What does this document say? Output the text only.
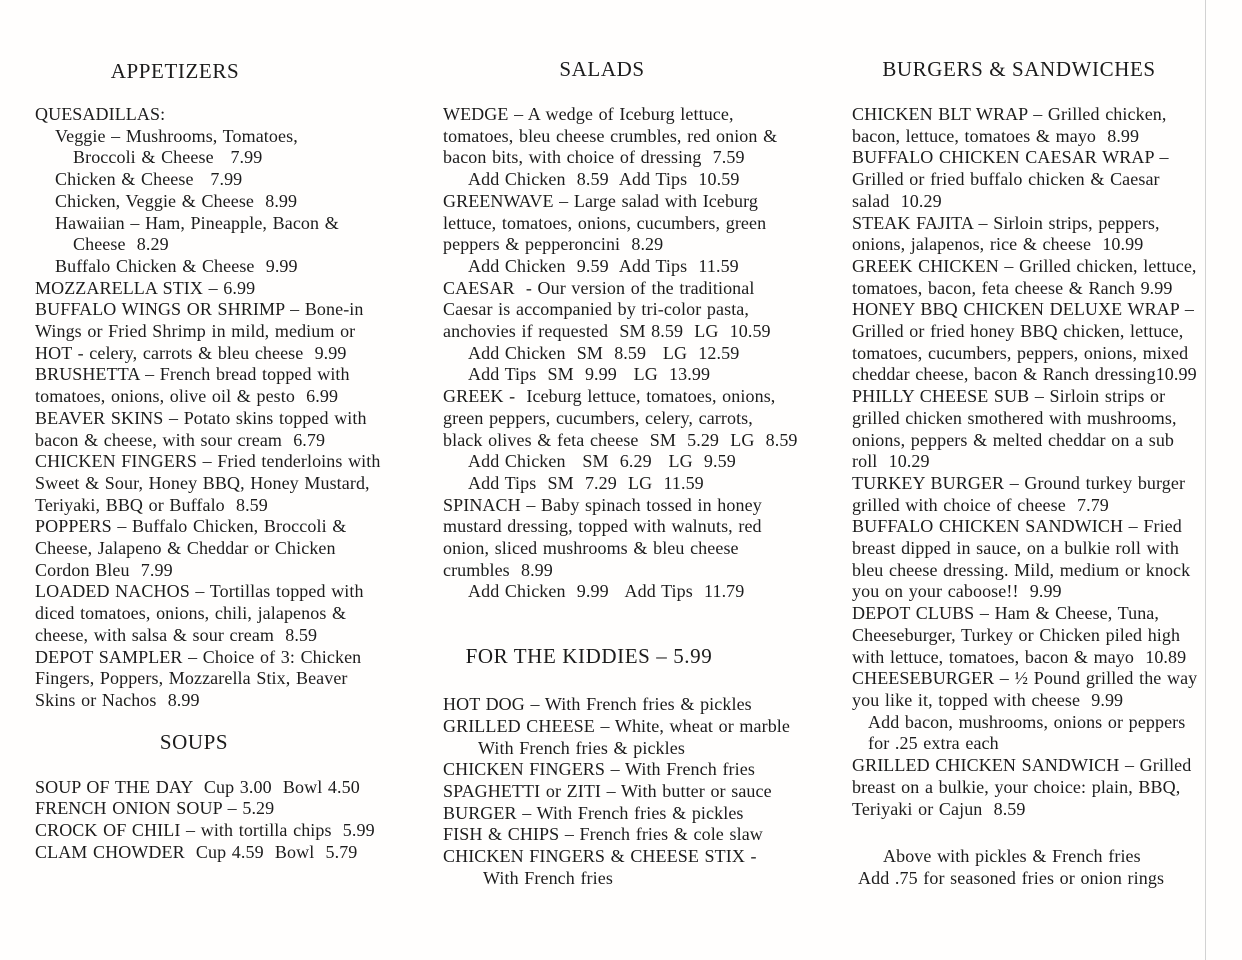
APPETIZERS
QUESADILLAS:
Veggie – Mushrooms, Tomatoes,
Broccoli & Cheese   7.99
Chicken & Cheese   7.99
Chicken, Veggie & Cheese  8.99
Hawaiian – Ham, Pineapple, Bacon &
Cheese  8.29
Buffalo Chicken & Cheese  9.99
MOZZARELLA STIX – 6.99
BUFFALO WINGS OR SHRIMP – Bone-in
Wings or Fried Shrimp in mild, medium or
HOT - celery, carrots & bleu cheese  9.99
BRUSHETTA – French bread topped with
tomatoes, onions, olive oil & pesto  6.99
BEAVER SKINS – Potato skins topped with
bacon & cheese, with sour cream  6.79
CHICKEN FINGERS – Fried tenderloins with
Sweet & Sour, Honey BBQ, Honey Mustard,
Teriyaki, BBQ or Buffalo  8.59
POPPERS – Buffalo Chicken, Broccoli &
Cheese, Jalapeno & Cheddar or Chicken
Cordon Bleu  7.99
LOADED NACHOS – Tortillas topped with
diced tomatoes, onions, chili, jalapenos &
cheese, with salsa & sour cream  8.59
DEPOT SAMPLER – Choice of 3: Chicken
Fingers, Poppers, Mozzarella Stix, Beaver
Skins or Nachos  8.99
SOUPS
SOUP OF THE DAY  Cup 3.00  Bowl 4.50
FRENCH ONION SOUP – 5.29
CROCK OF CHILI – with tortilla chips  5.99
CLAM CHOWDER  Cup 4.59  Bowl  5.79
SALADS
WEDGE – A wedge of Iceburg lettuce,
tomatoes, bleu cheese crumbles, red onion &
bacon bits, with choice of dressing  7.59
Add Chicken  8.59  Add Tips  10.59
GREENWAVE – Large salad with Iceburg
lettuce, tomatoes, onions, cucumbers, green
peppers & pepperoncini  8.29
Add Chicken  9.59  Add Tips  11.59
CAESAR  - Our version of the traditional
Caesar is accompanied by tri-color pasta,
anchovies if requested  SM 8.59  LG  10.59
Add Chicken  SM  8.59   LG  12.59
Add Tips  SM  9.99   LG  13.99
GREEK -  Iceburg lettuce, tomatoes, onions,
green peppers, cucumbers, celery, carrots,
black olives & feta cheese  SM  5.29  LG  8.59
Add Chicken   SM  6.29   LG  9.59
Add Tips  SM  7.29  LG  11.59
SPINACH – Baby spinach tossed in honey
mustard dressing, topped with walnuts, red
onion, sliced mushrooms & bleu cheese
crumbles  8.99
Add Chicken  9.99   Add Tips  11.79
FOR THE KIDDIES – 5.99
HOT DOG – With French fries & pickles
GRILLED CHEESE – White, wheat or marble
With French fries & pickles
CHICKEN FINGERS – With French fries
SPAGHETTI or ZITI – With butter or sauce
BURGER – With French fries & pickles
FISH & CHIPS – French fries & cole slaw
CHICKEN FINGERS & CHEESE STIX -
With French fries
BURGERS & SANDWICHES
CHICKEN BLT WRAP – Grilled chicken,
bacon, lettuce, tomatoes & mayo  8.99
BUFFALO CHICKEN CAESAR WRAP –
Grilled or fried buffalo chicken & Caesar
salad  10.29
STEAK FAJITA – Sirloin strips, peppers,
onions, jalapenos, rice & cheese  10.99
GREEK CHICKEN – Grilled chicken, lettuce,
tomatoes, bacon, feta cheese & Ranch 9.99
HONEY BBQ CHICKEN DELUXE WRAP –
Grilled or fried honey BBQ chicken, lettuce,
tomatoes, cucumbers, peppers, onions, mixed
cheddar cheese, bacon & Ranch dressing10.99
PHILLY CHEESE SUB – Sirloin strips or
grilled chicken smothered with mushrooms,
onions, peppers & melted cheddar on a sub
roll  10.29
TURKEY BURGER – Ground turkey burger
grilled with choice of cheese  7.79
BUFFALO CHICKEN SANDWICH – Fried
breast dipped in sauce, on a bulkie roll with
bleu cheese dressing. Mild, medium or knock
you on your caboose!!  9.99
DEPOT CLUBS – Ham & Cheese, Tuna,
Cheeseburger, Turkey or Chicken piled high
with lettuce, tomatoes, bacon & mayo  10.89
CHEESEBURGER – ½ Pound grilled the way
you like it, topped with cheese  9.99
Add bacon, mushrooms, onions or peppers
for .25 extra each
GRILLED CHICKEN SANDWICH – Grilled
breast on a bulkie, your choice: plain, BBQ,
Teriyaki or Cajun  8.59
Above with pickles & French fries
Add .75 for seasoned fries or onion rings
